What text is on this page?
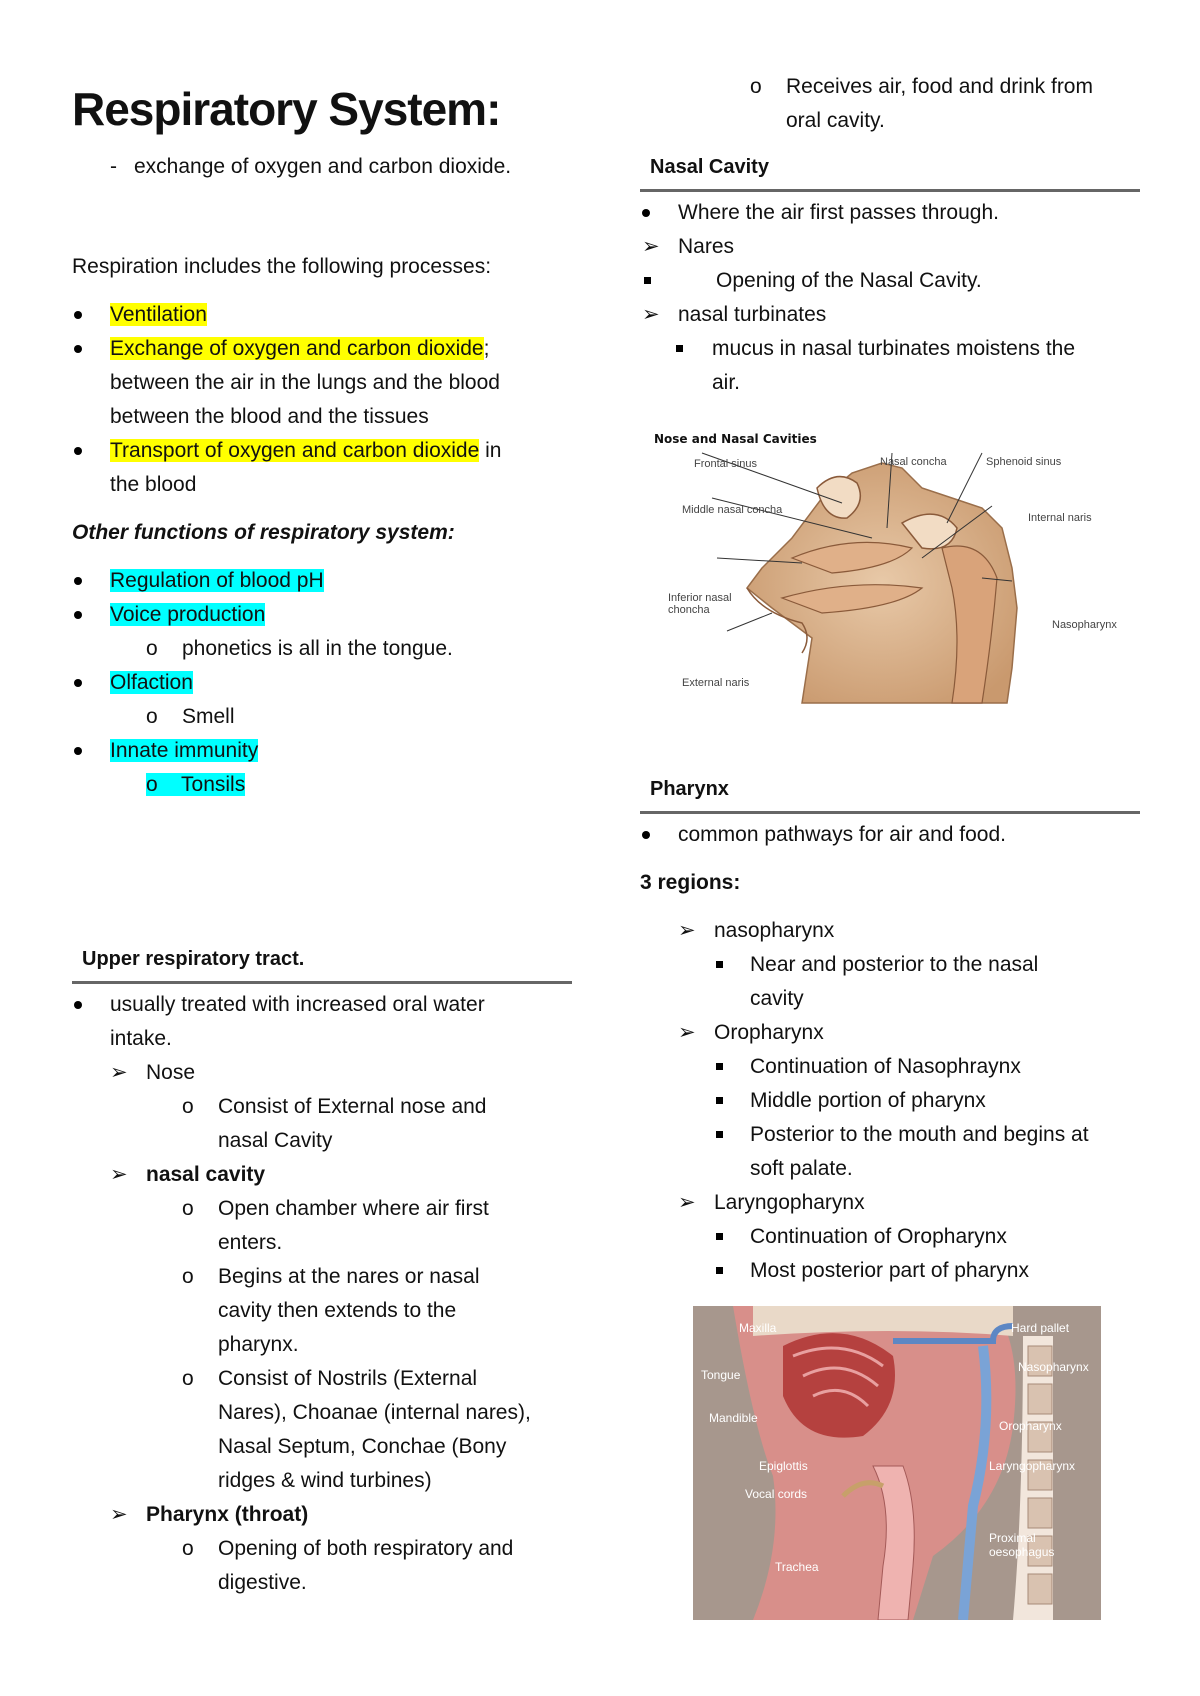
Respiratory System:
- exchange of oxygen and carbon dioxide.
Respiration includes the following processes:
Ventilation
Exchange of oxygen and carbon dioxide;
between the air in the lungs and the blood
between the blood and the tissues
Transport of oxygen and carbon dioxide in
the blood
Other functions of respiratory system:
Regulation of blood pH
Voice production
o	phonetics is all in the tongue.
Olfaction
o	Smell
Innate immunity
o Tonsils
Upper respiratory tract.
usually treated with increased oral water
intake.
➢ Nose
o	Consist of External nose and
nasal Cavity
➢ nasal cavity
o	Open chamber where air first
enters.
o	Begins at the nares or nasal
cavity then extends to the
pharynx.
o	Consist of Nostrils (External
Nares), Choanae (internal nares),
Nasal Septum, Conchae (Bony
ridges & wind turbines)
➢ Pharynx (throat)
o	Opening of both respiratory and
digestive.
o	Receives air, food and drink from
oral cavity.
Nasal Cavity
Where the air first passes through.
➢ Nares
Opening of the Nasal Cavity.
➢ nasal turbinates
mucus in nasal turbinates moistens the
air.
Nose and Nasal Cavities
Frontal sinus	Nasal concha	Sphenoid sinus
Middle nasal concha
Internal naris
Inferior nasal
choncha
Nasopharynx
External naris
Pharynx
common pathways for air and food.
3 regions:
➢ nasopharynx
Near and posterior to the nasal
cavity
➢ Oropharynx
Continuation of Nasophraynx
Middle portion of pharynx
Posterior to the mouth and begins at
soft palate.
➢ Laryngopharynx
Continuation of Oropharynx
Most posterior part of pharynx
Maxilla	Hard pallet
Tongue
Nasopharynx
Mandible
Oropharynx
Epiglottis	Laryngopharynx
Vocal cords
Proximal
oesophagus
Trachea
